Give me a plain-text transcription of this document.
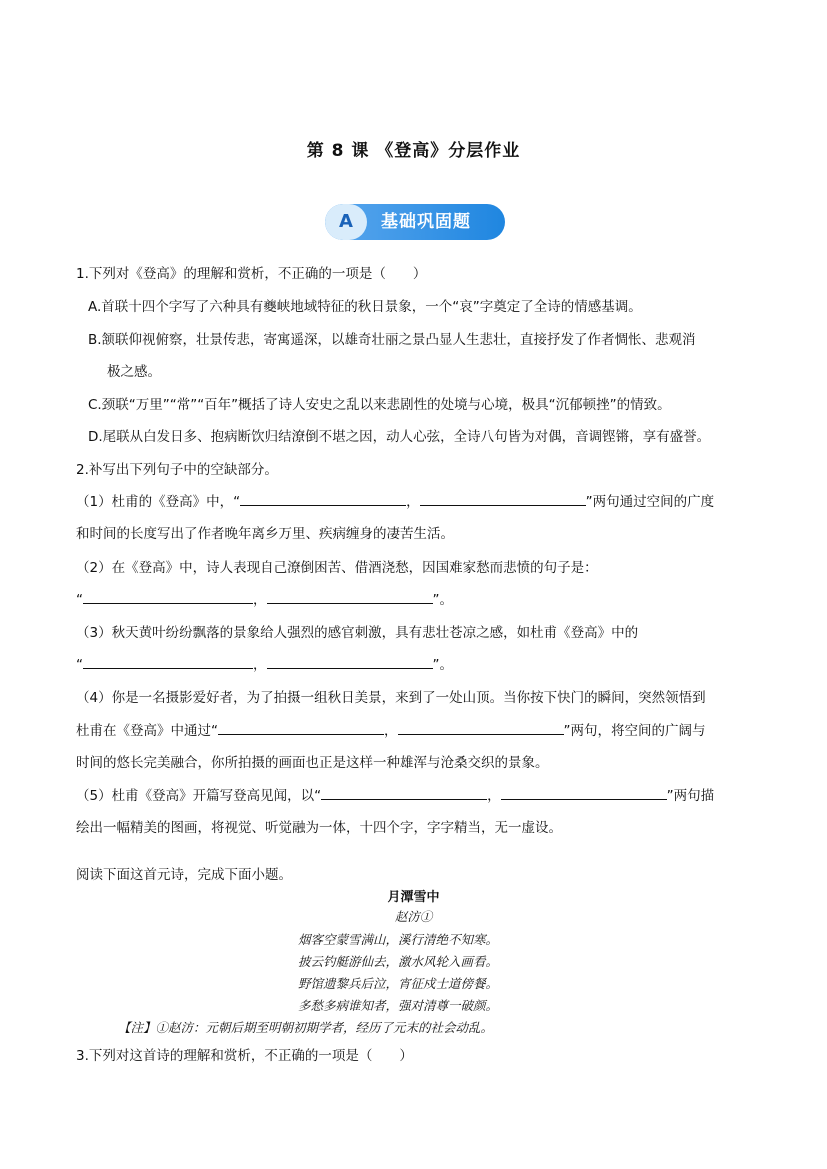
第 8 课 《登高》分层作业
A	基础巩固题
1.下列对《登高》的理解和赏析，不正确的一项是（　　）
A.首联十四个字写了六种具有夔峡地域特征的秋日景象，一个“哀”字奠定了全诗的情感基调。
B.颔联仰视俯察，壮景传悲，寄寓遥深，以雄奇壮丽之景凸显人生悲壮，直接抒发了作者惆怅、悲观消
极之感。
C.颈联“万里”“常”“百年”概括了诗人安史之乱以来悲剧性的处境与心境，极具“沉郁顿挫”的情致。
D.尾联从白发日多、抱病断饮归结潦倒不堪之因，动人心弦，全诗八句皆为对偶，音调铿锵，享有盛誉。
2.补写出下列句子中的空缺部分。
（1）杜甫的《登高》中，“	，	”两句通过空间的广度
和时间的长度写出了作者晚年离乡万里、疾病缠身的凄苦生活。
（2）在《登高》中，诗人表现自己潦倒困苦、借酒浇愁，因国难家愁而悲愤的句子是：
“	，	”。
（3）秋天黄叶纷纷飘落的景象给人强烈的感官刺激，具有悲壮苍凉之感，如杜甫《登高》中的
“	，	”。
（4）你是一名摄影爱好者，为了拍摄一组秋日美景，来到了一处山顶。当你按下快门的瞬间，突然领悟到
杜甫在《登高》中通过“	，	”两句，将空间的广阔与
时间的悠长完美融合，你所拍摄的画面也正是这样一种雄浑与沧桑交织的景象。
（5）杜甫《登高》开篇写登高见闻，以“	，	”两句描
绘出一幅精美的图画，将视觉、听觉融为一体，十四个字，字字精当，无一虚设。
阅读下面这首元诗，完成下面小题。
月潭雪中
赵汸①
烟客空蒙雪满山，溪行清绝不知寒。
披云钓艇游仙去，激水风轮入画看。
野馆遗黎兵后泣，宵征戍士道傍餐。
多愁多病谁知者，强对清尊一破颜。
【注】①赵汸：元朝后期至明朝初期学者，经历了元末的社会动乱。
3.下列对这首诗的理解和赏析，不正确的一项是（　　）
